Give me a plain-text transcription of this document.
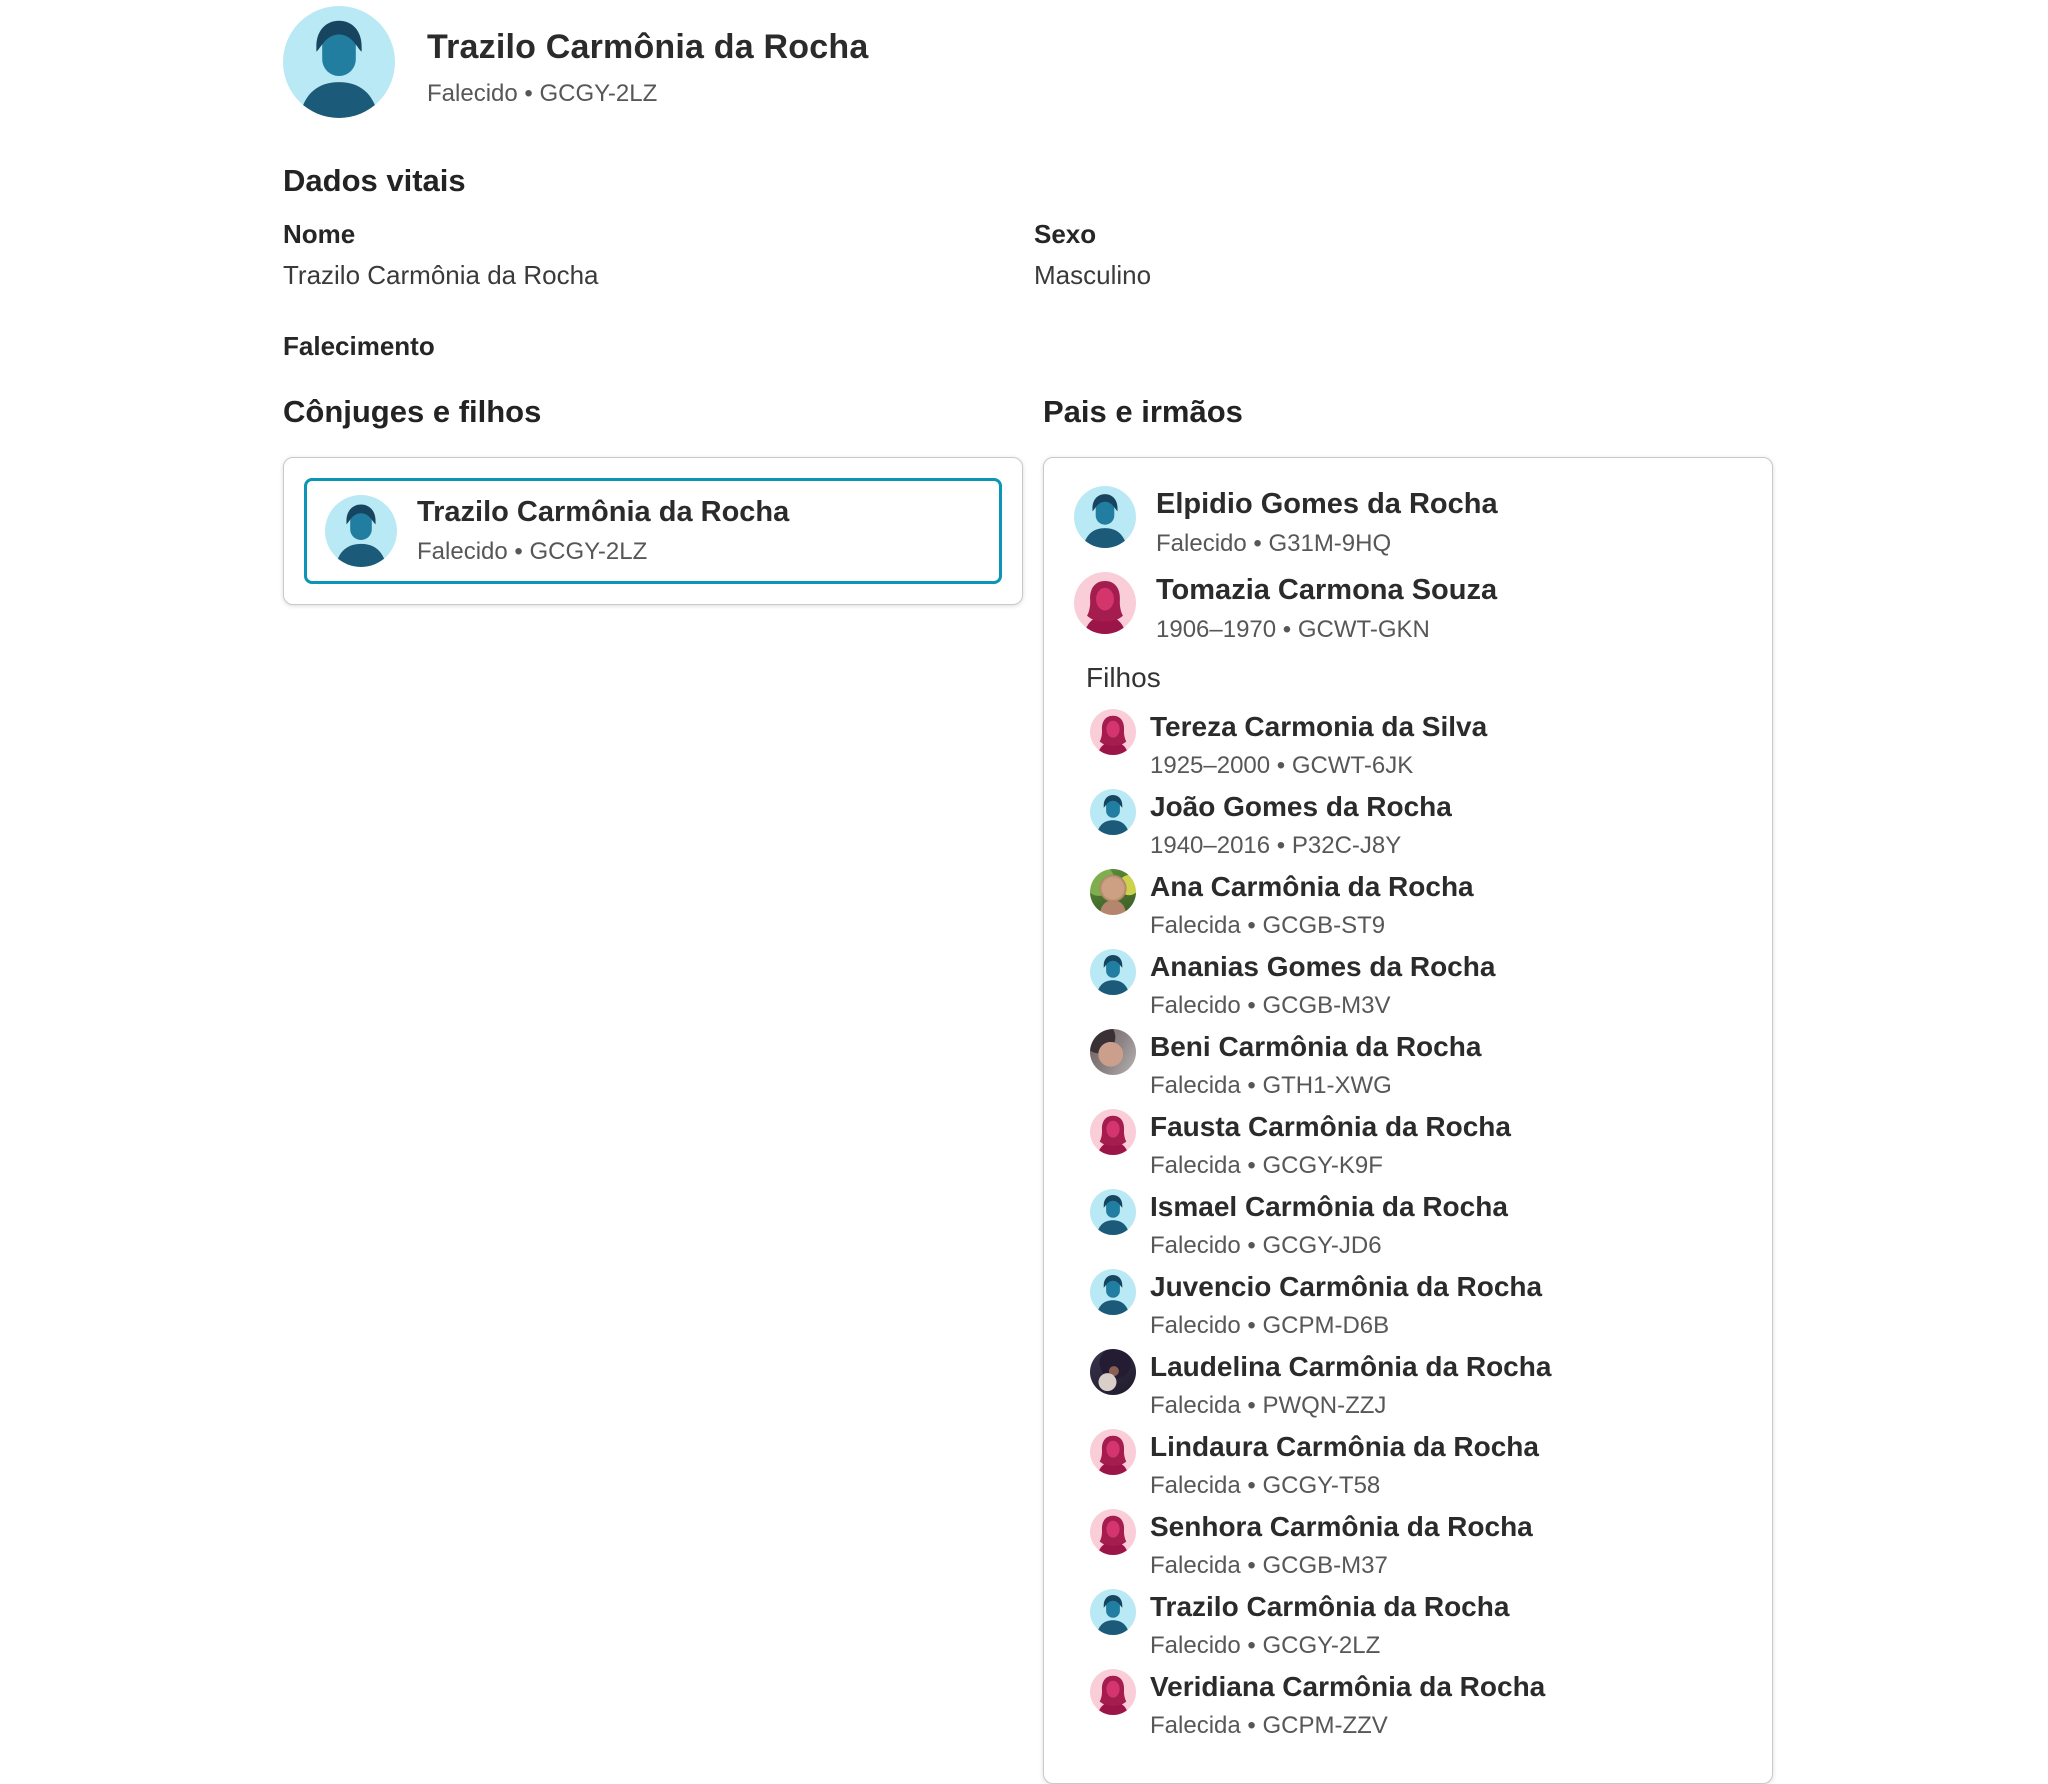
Trazilo Carmônia da Rocha
Falecido • GCGY-2LZ
Dados vitais
Nome
Trazilo Carmônia da Rocha
Sexo
Masculino
Falecimento
Cônjuges e filhos
Trazilo Carmônia da Rocha
Falecido • GCGY-2LZ
Pais e irmãos
Elpidio Gomes da Rocha
Falecido • G31M-9HQ
Tomazia Carmona Souza
1906–1970 • GCWT-GKN
Filhos
Tereza Carmonia da Silva
1925–2000 • GCWT-6JK
João Gomes da Rocha
1940–2016 • P32C-J8Y
Ana Carmônia da Rocha
Falecida • GCGB-ST9
Ananias Gomes da Rocha
Falecido • GCGB-M3V
Beni Carmônia da Rocha
Falecida • GTH1-XWG
Fausta Carmônia da Rocha
Falecida • GCGY-K9F
Ismael Carmônia da Rocha
Falecido • GCGY-JD6
Juvencio Carmônia da Rocha
Falecido • GCPM-D6B
Laudelina Carmônia da Rocha
Falecida • PWQN-ZZJ
Lindaura Carmônia da Rocha
Falecida • GCGY-T58
Senhora Carmônia da Rocha
Falecida • GCGB-M37
Trazilo Carmônia da Rocha
Falecido • GCGY-2LZ
Veridiana Carmônia da Rocha
Falecida • GCPM-ZZV
